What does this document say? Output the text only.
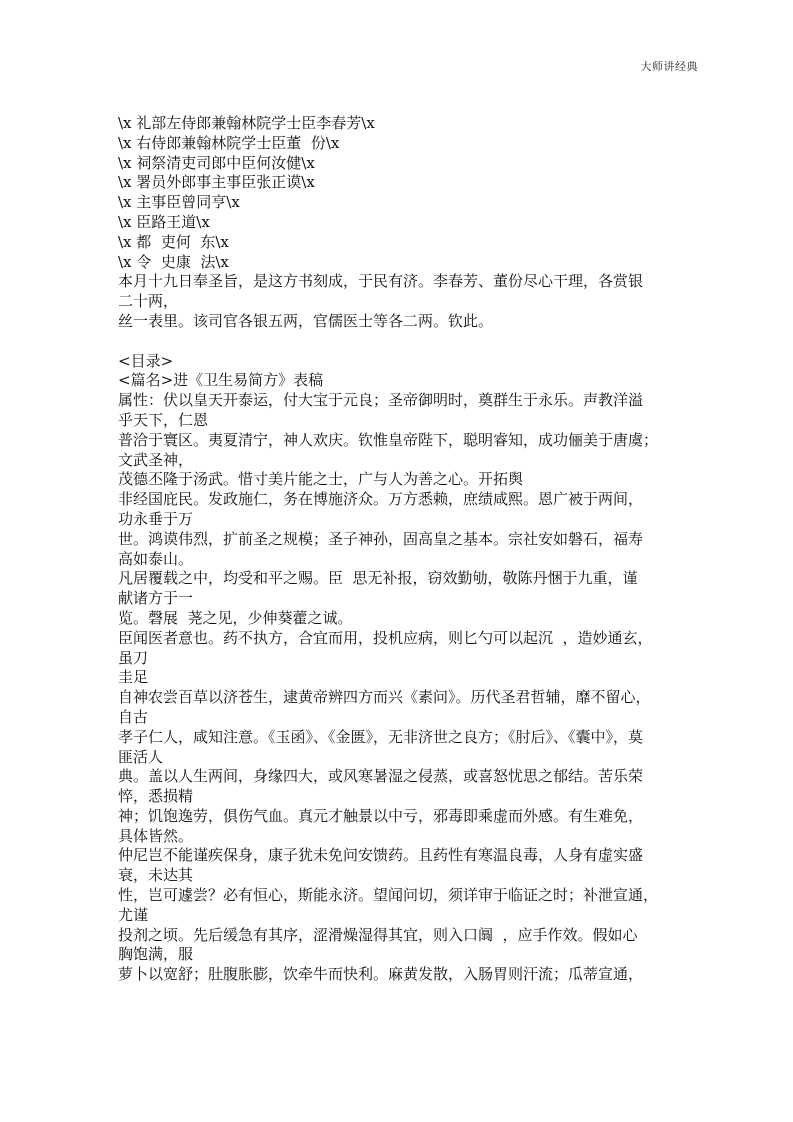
大师讲经典
\x 礼部左侍郎兼翰林院学士臣李春芳\x
\x 右侍郎兼翰林院学士臣董  份\x
\x 祠祭清吏司郎中臣何汝健\x
\x 署员外郎事主事臣张正谟\x
\x 主事臣曾同亨\x
\x 臣路王道\x
\x 都  吏何  东\x
\x 令  史康  法\x
本月十九日奉圣旨，是这方书刻成，于民有济。李春芳、董份尽心干理，各赏银
二十两，
丝一表里。该司官各银五两，官儒医士等各二两。钦此。
<目录>
<篇名>进《卫生易简方》表稿
属性：伏以皇天开泰运，付大宝于元良；圣帝御明时，奠群生于永乐。声教洋溢
乎天下，仁恩
普洽于寰区。夷夏清宁，神人欢庆。钦惟皇帝陛下，聪明睿知，成功俪美于唐虞；
文武圣神，
茂德丕隆于汤武。惜寸美片能之士，广与人为善之心。开拓舆
非经国庇民。发政施仁，务在博施济众。万方悉赖，庶绩咸熙。恩广被于两间，
功永垂于万
世。鸿谟伟烈，扩前圣之规模；圣子神孙，固高皇之基本。宗社安如磐石，福寿
高如泰山。
凡居覆载之中，均受和平之赐。臣  思无补报，窃效勤劬，敬陈丹悃于九重，谨
献诸方于一
览。磬展  荛之见，少伸葵藿之诚。
臣闻医者意也。药不执方，合宜而用，投机应病，则匕勺可以起沉  ，造妙通玄，
虽刀
圭足
自神农尝百草以济苍生，逮黄帝辨四方而兴《素问》。历代圣君哲辅，靡不留心，
自古
孝子仁人，咸知注意。《玉函》、《金匮》，无非济世之良方；《肘后》、《囊中》，莫
匪活人
典。盖以人生两间，身缘四大，或风寒暑湿之侵蒸，或喜怒忧思之郁结。苦乐荣
悴，悉损精
神；饥饱逸劳，俱伤气血。真元才触景以中亏，邪毒即乘虚而外感。有生难免，
具体皆然。
仲尼岂不能谨疾保身，康子犹未免问安馈药。且药性有寒温良毒，人身有虚实盛
衰，未达其
性，岂可遽尝？必有恒心，斯能永济。望闻问切，须详审于临证之时；补泄宣通，
尤谨
投剂之顷。先后缓急有其序，涩滑燥湿得其宜，则入口阘  ，应手作效。假如心
胸饱满，服
萝卜以宽舒；肚腹胀膨，饮牵牛而快利。麻黄发散，入肠胃则汗流；瓜蒂宣通，
